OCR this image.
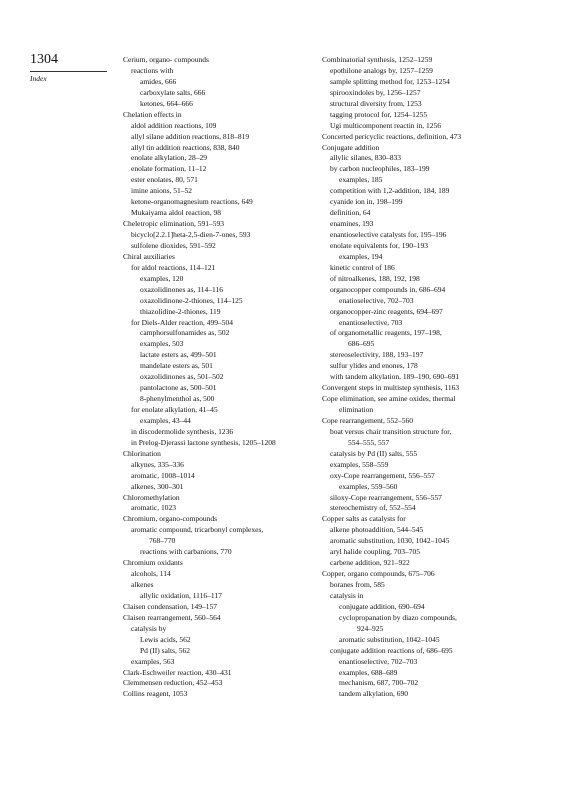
1304
Index
Cerium, organo- compounds
reactions with
amides, 666
carboxylate salts, 666
ketones, 664–666
Chelation effects in
aldol addition reactions, 109
allyl silane addition reactions, 818–819
allyl tin addition reactions, 838, 840
enolate alkylation, 28–29
enolate formation, 11–12
ester enolates, 80, 571
imine anions, 51–52
ketone-organomagnesium reactions, 649
Mukaiyama aldol reaction, 98
Cheletropic elimination, 591–593
bicyclo[2.2.1]heta-2,5-dien-7-ones, 593
sulfolene dioxides, 591–592
Chiral auxiliaries
for aldol reactions, 114–121
examples, 120
oxazolidinones as, 114–116
oxazolidinone-2-thiones, 114–125
thiazolidine-2-thiones, 119
for Diels-Alder reaction, 499–504
camphorsulfonamides as, 502
examples, 503
lactate esters as, 499–501
mandelate esters as, 501
oxazolidinones as, 501–502
pantolactone as, 500–501
8-phenylmenthol as, 500
for enolate alkylation, 41–45
examples, 43–44
in discodermolide synthesis, 1236
in Prelog-Djerassi lactone synthesis, 1205–1208
Chlorination
alkynes, 335–336
aromatic, 1008–1014
alkenes, 300–301
Chloromethylation
aromatic, 1023
Chromium, organo-compounds
aromatic compound, tricarbonyl complexes,
768–770
reactions with carbanions, 770
Chromium oxidants
alcohols, 114
alkenes
allylic oxidation, 1116–117
Claisen condensation, 149–157
Claisen rearrangement, 560–564
catalysis by
Lewis acids, 562
Pd (II) salts, 562
examples, 563
Clark-Eschweiler reaction, 430–431
Clemmensen reduction, 452–453
Collins reagent, 1053
Combinatorial synthesis, 1252–1259
epothilone analogs by, 1257–1259
sample splitting method for, 1253–1254
spirooxindoles by, 1256–1257
structural diversity from, 1253
tagging protocol for, 1254–1255
Ugi multicomponent reactin in, 1256
Concerted pericyclic reactions, definition, 473
Conjugate addition
allylic silanes, 830–833
by carbon nucleophiles, 183–199
examples, 185
competition with 1,2-addition, 184, 189
cyanide ion in, 198–199
definition, 64
enamines, 193
enantioselective catalysts for, 195–196
enolate equivalents for, 190–193
examples, 194
kinetic control of 186
of nitroalkenes, 188, 192, 198
organocopper compounds in, 686–694
enatioselective, 702–703
organocopper-zinc reagents, 694–697
enantioselective, 703
of organometallic reagents, 197–198,
686–695
stereoselectivity, 188, 193–197
sulfur ylides and enones, 178
with tandem alkylation, 189–190, 690–691
Convergent steps in multistep synthesis, 1163
Cope elimination, see amine oxides, thermal
elimination
Cope rearrangement, 552–560
boat versus chair transition structure for,
554–555, 557
catalysis by Pd (II) salts, 555
examples, 558–559
oxy-Cope rearrangement, 556–557
examples, 559–560
siloxy-Cope rearrangement, 556–557
stereochemistry of, 552–554
Copper salts as catalysts for
alkene photoaddition, 544–545
aromatic substitution, 1030, 1042–1045
aryl halide coupling, 703–705
carbene addition, 921–922
Copper, organo compounds, 675–706
boranes from, 585
catalysis in
conjugate addition, 690–694
cyclopropanation by diazo compounds,
924–925
aromatic substitution, 1042–1045
conjugate addition reactions of, 686–695
enantioselective, 702–703
examples, 688–689
mechanism, 687, 700–702
tandem alkylation, 690
